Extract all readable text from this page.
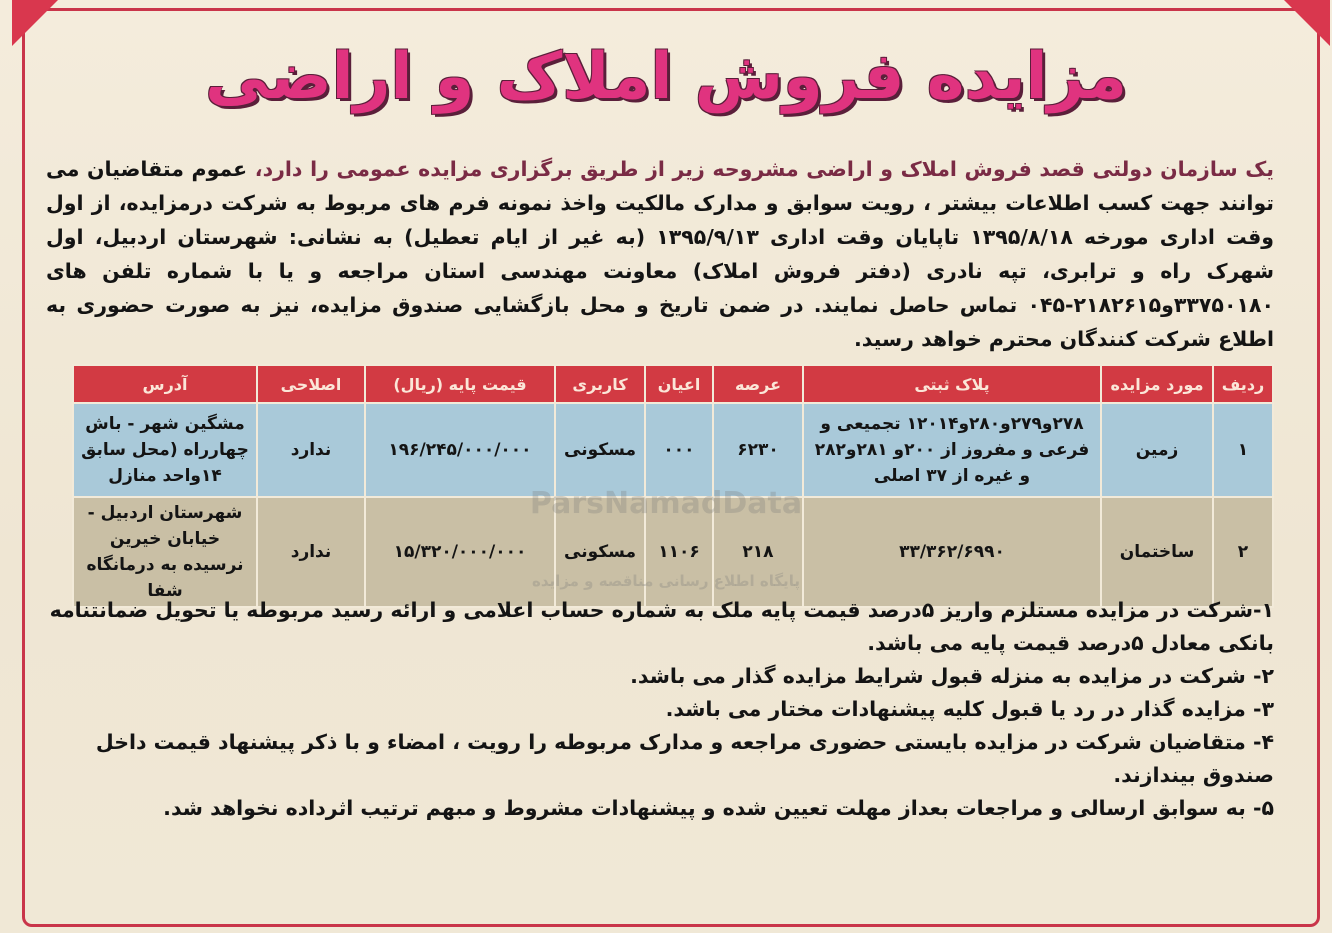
مزایده فروش املاک و اراضی
یک سازمان دولتی قصد فروش املاک و اراضی مشروحه زیر از طریق برگزاری مزایده عمومی را دارد، عموم متقاضیان می توانند جهت کسب اطلاعات بیشتر ، رویت سوابق و مدارک مالکیت واخذ نمونه فرم های مربوط به شرکت درمزایده، از اول وقت اداری مورخه ۱۳۹۵/۸/۱۸ تاپایان وقت اداری ۱۳۹۵/۹/۱۳ (به غیر از ایام تعطیل) به نشانی: شهرستان اردبیل، اول شهرک راه و ترابری، تپه نادری (دفتر فروش املاک) معاونت مهندسی استان مراجعه و یا با شماره تلفن های ۳۳۷۵۰۱۸۰و۲۱۸۲۶۱۵-۰۴۵ تماس حاصل نمایند. در ضمن تاریخ و محل بازگشایی صندوق مزایده، نیز به صورت حضوری به اطلاع شرکت کنندگان محترم خواهد رسید.
ردیف	مورد مزایده	پلاک ثبتی	عرصه	اعیان	کاربری	قیمت پایه (ریال)	اصلاحی	آدرس
۱	زمین	۲۷۸و۲۷۹و۲۸۰و۱۲۰۱۴ تجمیعی و فرعی و مفروز از ۲۰۰و ۲۸۱و۲۸۲ و غیره از ۳۷ اصلی	۶۲۳۰	۰۰۰	مسکونی	۱۹۶/۲۴۵/۰۰۰/۰۰۰	ندارد	مشگین شهر - باش چهارراه (محل سابق ۱۴واحد منازل
۲	ساختمان	۳۳/۳۶۲/۶۹۹۰	۲۱۸	۱۱۰۶	مسکونی	۱۵/۳۲۰/۰۰۰/۰۰۰	ندارد	شهرستان اردبیل - خیابان خیرین نرسیده به درمانگاه شفا

۱-شرکت در مزایده مستلزم واریز ۵درصد قیمت پایه ملک به شماره حساب اعلامی و ارائه رسید مربوطه یا تحویل ضمانتنامه بانکی معادل ۵درصد قیمت پایه می باشد.

۲- شرکت در مزایده به منزله قبول شرایط مزایده گذار می باشد.

۳- مزایده گذار در رد یا قبول کلیه پیشنهادات مختار می باشد.

۴- متقاضیان شرکت در مزایده بایستی حضوری مراجعه و مدارک مربوطه را رویت ، امضاء و با ذکر پیشنهاد قیمت داخل صندوق بیندازند.

۵- به سوابق ارسالی و مراجعات بعداز مهلت تعیین شده و پیشنهادات مشروط و مبهم ترتیب اثرداده نخواهد شد.

ParsNamadData
پایگاه اطلاع رسانی مناقصه و مزایده
